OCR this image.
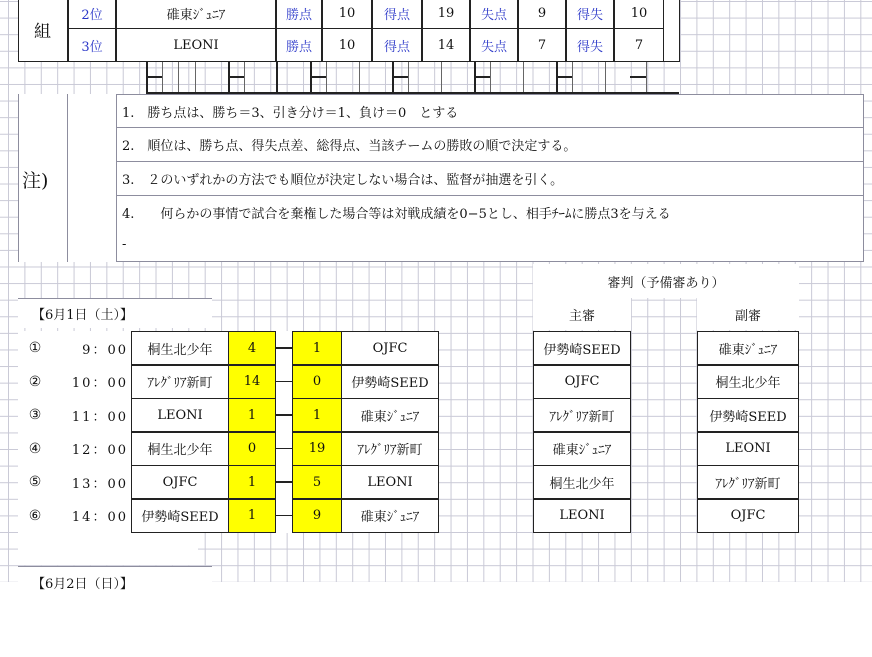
組
2位	碓東ｼﾞｭﾆｱ	勝点 10 得点 19 失点 9 得失 10
3位	LEONI	勝点 10 得点 14 失点 7 得失 7
注)
1.　勝ち点は、勝ち＝3、引き分け＝1、負け＝0　とする
2.　順位は、勝ち点、得失点差、総得点、当該チームの勝敗の順で決定する。
3.　２のいずれかの方法でも順位が決定しない場合は、監督が抽選を引く。
4.　　何らかの事情で試合を棄権した場合等は対戦成績を0−5とし、相手ﾁｰﾑに勝点3を与える
-
【6月1日（土）】
審判（予備審あり）
主審	副審
①	9：00 桐生北少年	4	1	OJFC	伊勢崎SEED	碓東ｼﾞｭﾆｱ
② 10：00 ｱﾚｸﾞﾘｱ新町 14	0 伊勢崎SEED	OJFC	桐生北少年
③ 11：00 LEONI	1	1	碓東ｼﾞｭﾆｱ	ｱﾚｸﾞﾘｱ新町	伊勢崎SEED
④ 12：00 桐生北少年	0	19 ｱﾚｸﾞﾘｱ新町	碓東ｼﾞｭﾆｱ	LEONI
⑤ 13：00	OJFC	1	5	LEONI	桐生北少年	ｱﾚｸﾞﾘｱ新町
⑥ 14：00 伊勢崎SEED 1	9	碓東ｼﾞｭﾆｱ	LEONI	OJFC
【6月2日（日）】
